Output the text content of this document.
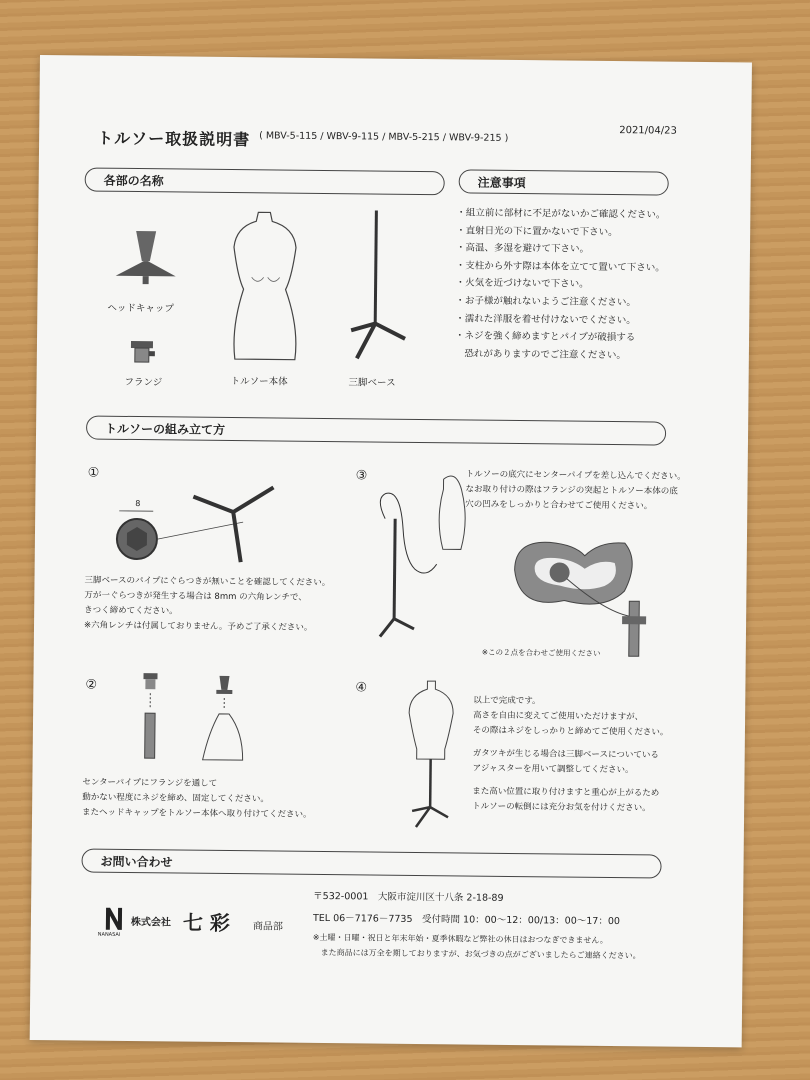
トルソー取扱説明書 ( MBV-5-115 / WBV-9-115 / MBV-5-215 / WBV-9-215 )	2021/04/23
各部の名称
ヘッドキャップ
フランジ	トルソー本体	三脚ベース
注意事項
・組立前に部材に不足がないかご確認ください。
・直射日光の下に置かないで下さい。
・高温、多湿を避けて下さい。
・支柱から外す際は本体を立てて置いて下さい。
・火気を近づけないで下さい。
・お子様が触れないようご注意ください。
・濡れた洋服を着せ付けないでください。
・ネジを強く締めますとパイプが破損する
　恐れがありますのでご注意ください。
トルソーの組み立て方
①
8
三脚ベースのパイプにぐらつきが無いことを確認してください。
万が一ぐらつきが発生する場合は 8mm の六角レンチで、
きつく締めてください。
※六角レンチは付属しておりません。予めご了承ください。
③	トルソーの底穴にセンターパイプを差し込んでください。
なお取り付けの際はフランジの突起とトルソー本体の底
穴の凹みをしっかりと合わせてご使用ください。
※この２点を合わせご使用ください
②
センターパイプにフランジを通して
動かない程度にネジを締め、固定してください。
またヘッドキャップをトルソー本体へ取り付けてください。
④
以上で完成です。
高さを自由に変えてご使用いただけますが、
その際はネジをしっかりと締めてご使用ください。
ガタツキが生じる場合は三脚ベースについている
アジャスターを用いて調整してください。
また高い位置に取り付けますと重心が上がるため
トルソーの転倒には充分お気を付けください。
お問い合わせ
NANASAI
株式会社 七 彩 商品部
〒532-0001　大阪市淀川区十八条 2-18-89
TEL 06－7176－7735　受付時間 10：00～12：00/13：00～17：00
※土曜・日曜・祝日と年末年始・夏季休暇など弊社の休日はおつなぎできません。
　また商品には万全を期しておりますが、お気づきの点がございましたらご連絡ください。
